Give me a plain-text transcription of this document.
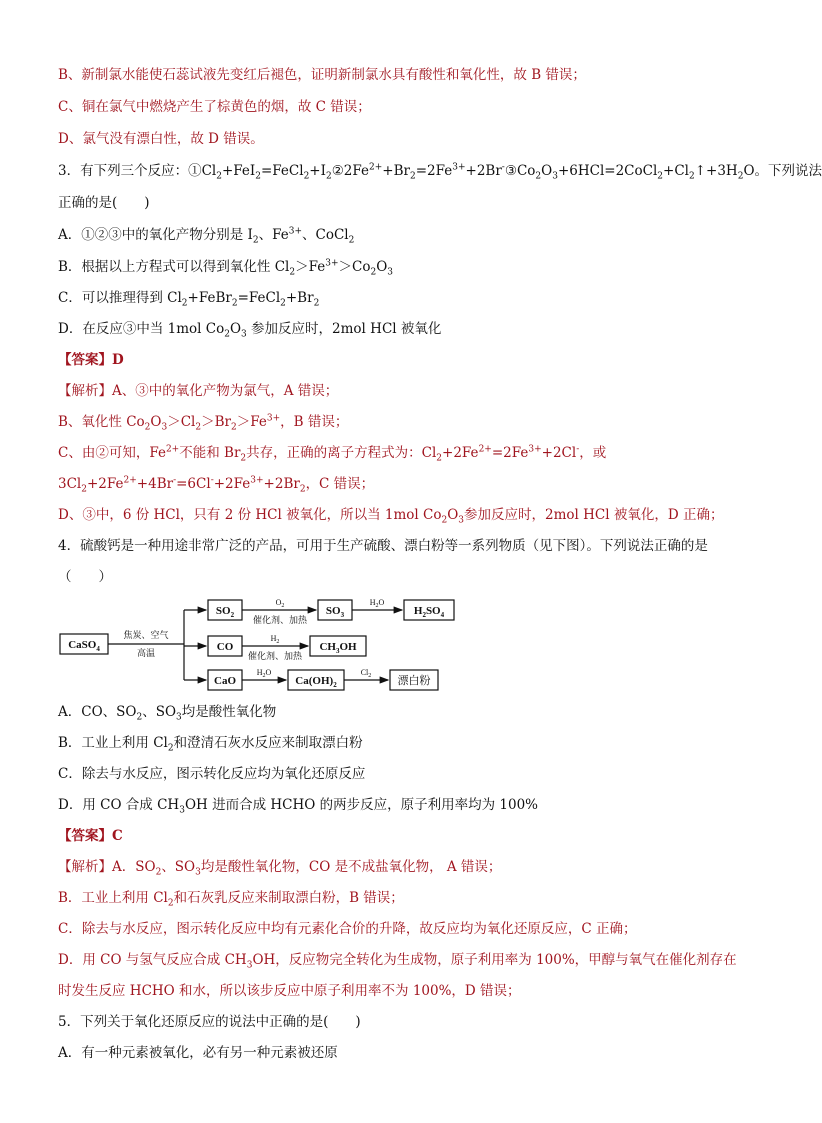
B、新制氯水能使石蕊试液先变红后褪色，证明新制氯水具有酸性和氧化性，故 B 错误；
C、铜在氯气中燃烧产生了棕黄色的烟，故 C 错误；
D、氯气没有漂白性，故 D 错误。
3．有下列三个反应：$①Cl_2+FeI_2=FeCl_2+I_2②2Fe^{2+}+Br_2=2Fe^{3+}+2Br^-③Co_2O_3+6HCl=2CoCl_2+Cl_2↑+3H_2O$。下列说法
正确的是(　　)
A．①②③中的氧化产物分别是 $I_2$、$Fe^{3+}$、CoCl$_2$
B．根据以上方程式可以得到氧化性 $Cl_2>Fe^{3+}>Co_2O_3$
C．可以推理得到 $Cl_2+FeBr_2=FeCl_2+Br_2$
D．在反应③中当 1mol $Co_2O_3$ 参加反应时，2mol HCl 被氧化
【答案】D
【解析】A、③中的氧化产物为氯气，A 错误；
B、氧化性 $Co_2O_3>Cl_2>Br_2>Fe^{3+}$，B 错误；
C、由②可知，$Fe^{2+}$不能和 $Br_2$共存，正确的离子方程式为：$Cl_2+2Fe^{2+}=2Fe^{3+}+2Cl^-$，或
$3Cl_2+2Fe^{2+}+4Br^-=6Cl^-+2Fe^{3+}+2Br_2$，C 错误；
D、③中，6 份 HCl，只有 2 份 HCl 被氧化，所以当 1mol $Co_2O_3$参加反应时，2mol HCl 被氧化，D 正确；
4．硫酸钙是一种用途非常广泛的产品，可用于生产硫酸、漂白粉等一系列物质（见下图）。下列说法正确的是
（　　）
A．CO、$SO_2$、$SO_3$均是酸性氧化物
B．工业上利用 $Cl_2$和澄清石灰水反应来制取漂白粉
C．除去与水反应，图示转化反应均为氧化还原反应
D．用 CO 合成 $CH_3OH$ 进而合成 HCHO 的两步反应，原子利用率均为 100%
【答案】C
【解析】A．$SO_2$、$SO_3$均是酸性氧化物，CO 是不成盐氧化物， A 错误；
B．工业上利用 $Cl_2$和石灰乳反应来制取漂白粉，B 错误；
C．除去与水反应，图示转化反应中均有元素化合价的升降，故反应均为氧化还原反应，C 正确；
D．用 CO 与氢气反应合成 $CH_3OH$，反应物完全转化为生成物，原子利用率为 100%，甲醇与氧气在催化剂存在
时发生反应 HCHO 和水，所以该步反应中原子利用率不为 100%，D 错误；
5．下列关于氧化还原反应的说法中正确的是(　　)
A．有一种元素被氧化，必有另一种元素被还原
CaSO$_4$
焦炭、空气
高温
$SO_2$
$O_2$
催化剂、加热
$SO_3$
$H_2O$
$H_2SO_4$
CO
$H_2$
催化剂、加热
$CH_3OH$
CaO
$H_2O$
$Ca(OH)_2$
$Cl_2$ 漂白粉
